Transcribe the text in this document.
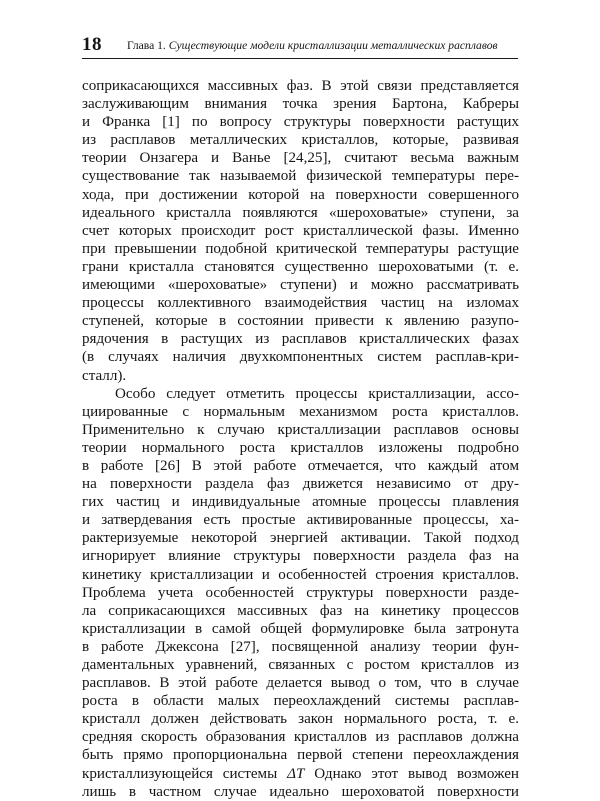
18 Глава 1. Существующие модели кристаллизации металлических расплавов
соприкасающихся массивных фаз. В этой связи представляется
заслуживающим внимания точка зрения Бартона, Кабреры
и Франка [1] по вопросу структуры поверхности растущих
из расплавов металлических кристаллов, которые, развивая
теории Онзагера и Ванье [24,25], считают весьма важным
существование так называемой физической температуры пере-
хода, при достижении которой на поверхности совершенного
идеального кристалла появляются «шероховатые» ступени, за
счет которых происходит рост кристаллической фазы. Именно
при превышении подобной критической температуры растущие
грани кристалла становятся существенно шероховатыми (т. е.
имеющими «шероховатые» ступени) и можно рассматривать
процессы коллективного взаимодействия частиц на изломах
ступеней, которые в состоянии привести к явлению разупо-
рядочения в растущих из расплавов кристаллических фазах
(в случаях наличия двухкомпонентных систем расплав-кри-
сталл).
Особо следует отметить процессы кристаллизации, ассо-
циированные с нормальным механизмом роста кристаллов.
Применительно к случаю кристаллизации расплавов основы
теории нормального роста кристаллов изложены подробно
в работе [26] В этой работе отмечается, что каждый атом
на поверхности раздела фаз движется независимо от дру-
гих частиц и индивидуальные атомные процессы плавления
и затвердевания есть простые активированные процессы, ха-
рактеризуемые некоторой энергией активации. Такой подход
игнорирует влияние структуры поверхности раздела фаз на
кинетику кристаллизации и особенностей строения кристаллов.
Проблема учета особенностей структуры поверхности разде-
ла соприкасающихся массивных фаз на кинетику процессов
кристаллизации в самой общей формулировке была затронута
в работе Джексона [27], посвященной анализу теории фун-
даментальных уравнений, связанных с ростом кристаллов из
расплавов. В этой работе делается вывод о том, что в случае
роста в области малых переохлаждений системы расплав-
кристалл должен действовать закон нормального роста, т. е.
средняя скорость образования кристаллов из расплавов должна
быть прямо пропорциональна первой степени переохлаждения
кристаллизующейся системы ΔT Однако этот вывод возможен
лишь в частном случае идеально шероховатой поверхности
